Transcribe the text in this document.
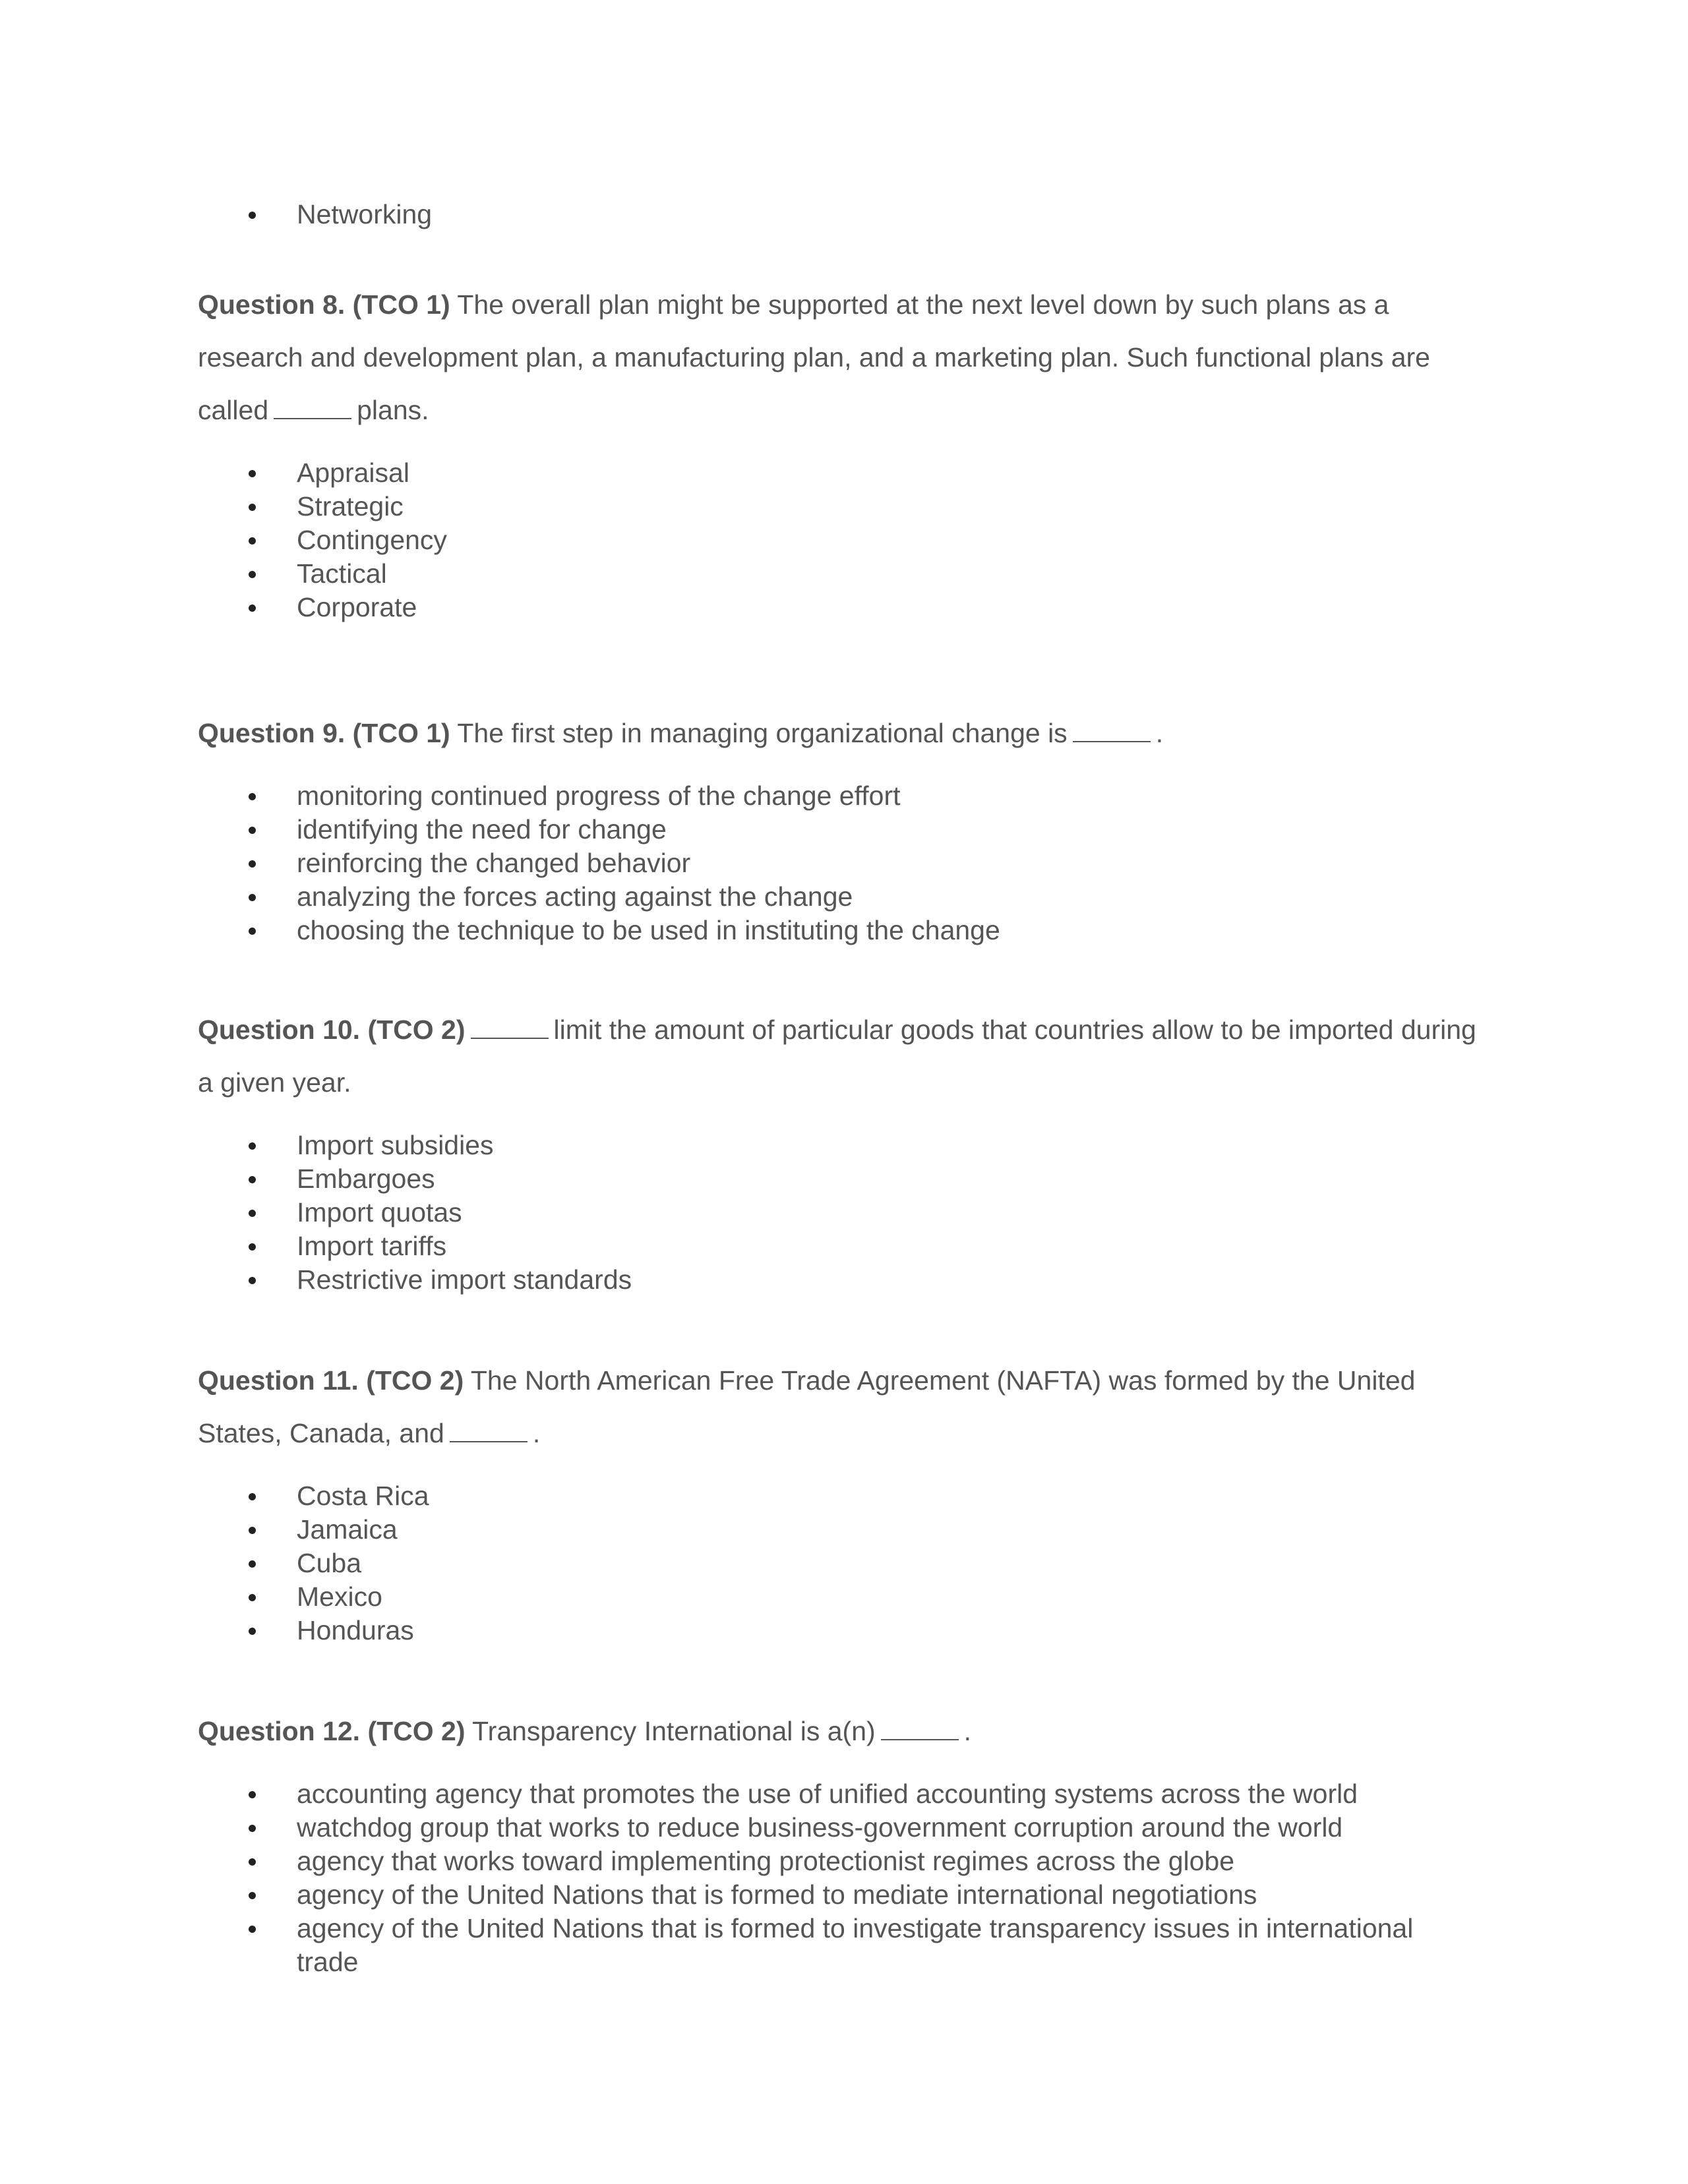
Networking

Question 8. (TCO 1) The overall plan might be supported at the next level down by such plans as a research and development plan, a manufacturing plan, and a marketing plan. Such functional plans are called	plans.

Appraisal
Strategic
Contingency
Tactical
Corporate

Question 9. (TCO 1) The first step in managing organizational change is	.

monitoring continued progress of the change effort
identifying the need for change
reinforcing the changed behavior
analyzing the forces acting against the change
choosing the technique to be used in instituting the change

Question 10. (TCO 2)	limit the amount of particular goods that countries allow to be imported during a given year.

Import subsidies
Embargoes
Import quotas
Import tariffs
Restrictive import standards

Question 11. (TCO 2) The North American Free Trade Agreement (NAFTA) was formed by the United States, Canada, and	.

Costa Rica
Jamaica
Cuba
Mexico
Honduras

Question 12. (TCO 2) Transparency International is a(n)	.

accounting agency that promotes the use of unified accounting systems across the world
watchdog group that works to reduce business-government corruption around the world
agency that works toward implementing protectionist regimes across the globe
agency of the United Nations that is formed to mediate international negotiations
agency of the United Nations that is formed to investigate transparency issues in international trade
